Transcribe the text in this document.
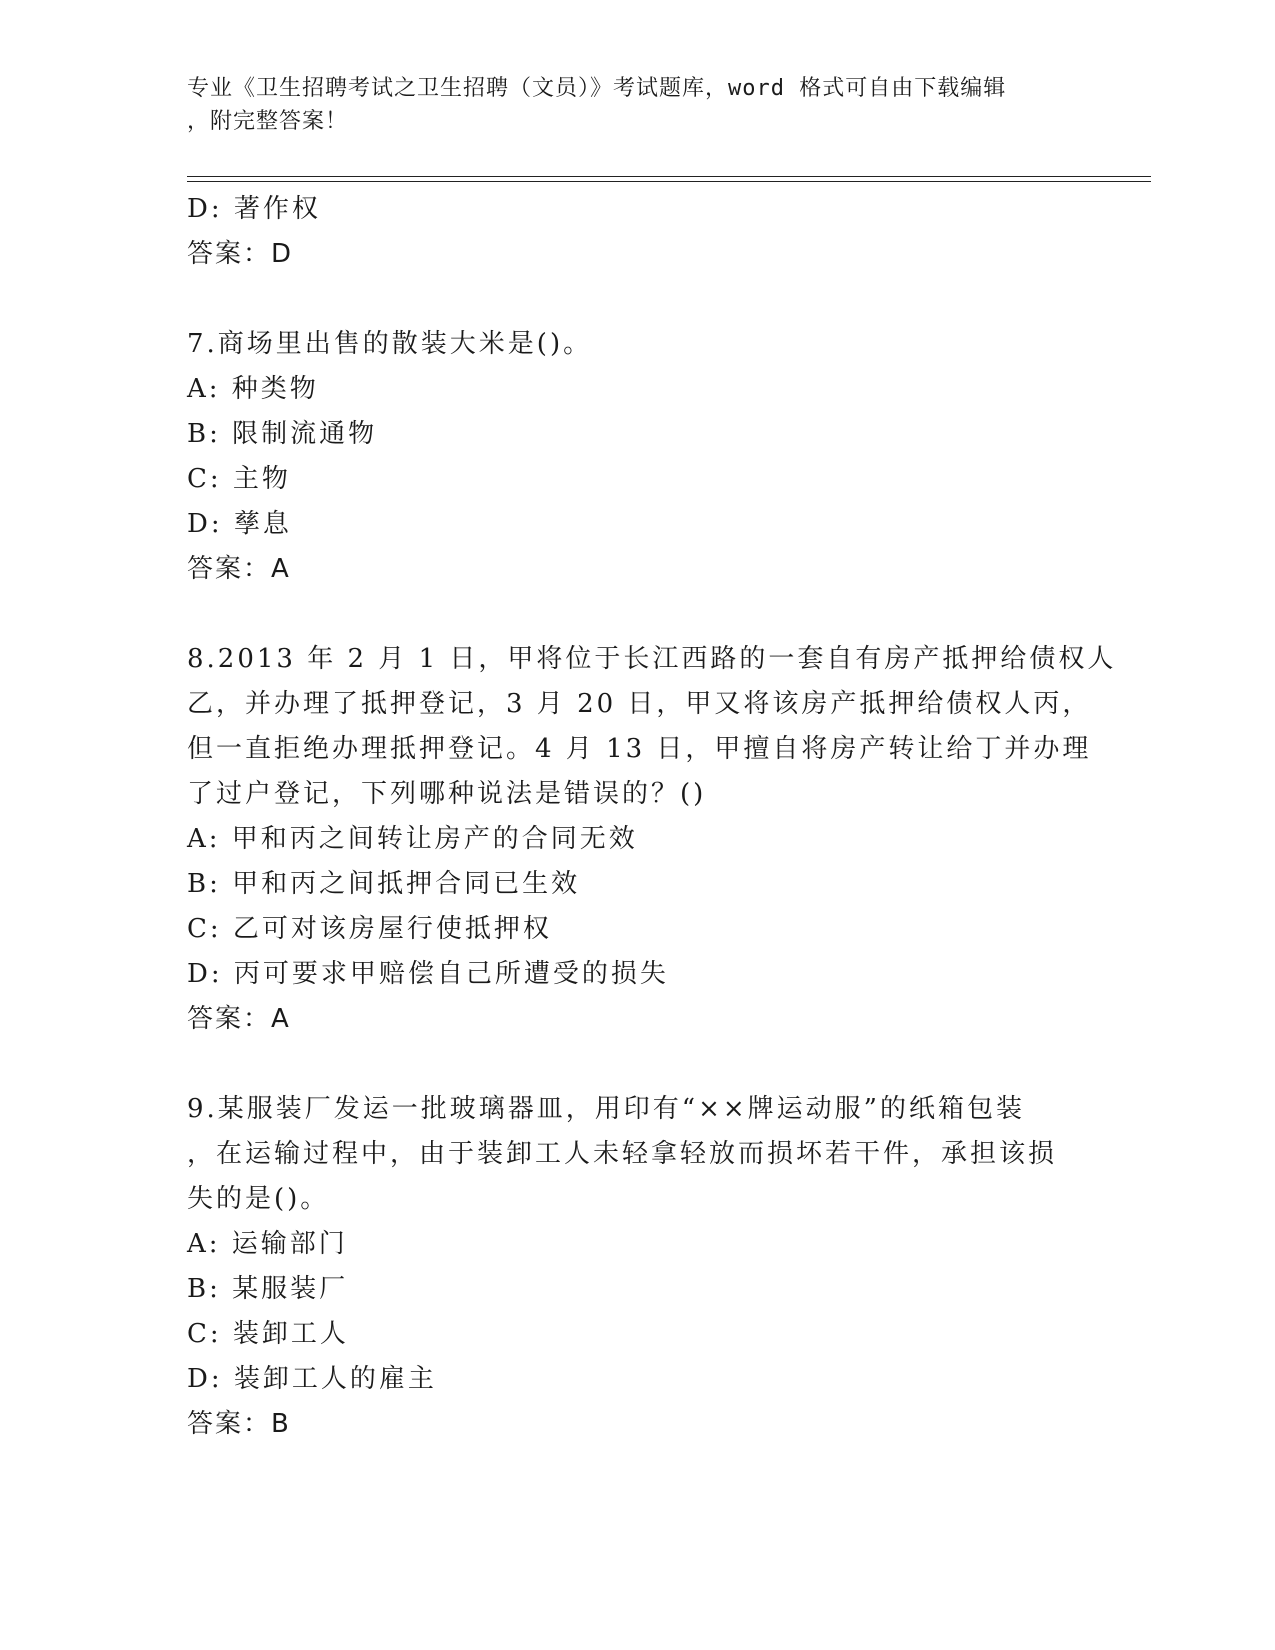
专业《卫生招聘考试之卫生招聘（文员）》考试题库，word 格式可自由下载编辑

，附完整答案！

D: 著作权

答案：D

7.商场里出售的散装大米是()。

A: 种类物

B: 限制流通物

C: 主物

D: 孳息

答案：A

8.2013 年 2 月 1 日，甲将位于长江西路的一套自有房产抵押给债权人

乙，并办理了抵押登记，3 月 20 日，甲又将该房产抵押给债权人丙，

但一直拒绝办理抵押登记。4 月 13 日，甲擅自将房产转让给丁并办理

了过户登记，下列哪种说法是错误的？()

A: 甲和丙之间转让房产的合同无效

B: 甲和丙之间抵押合同已生效

C: 乙可对该房屋行使抵押权

D: 丙可要求甲赔偿自己所遭受的损失

答案：A

9.某服装厂发运一批玻璃器皿，用印有“××牌运动服”的纸箱包装

，在运输过程中，由于装卸工人未轻拿轻放而损坏若干件，承担该损

失的是()。

A: 运输部门

B: 某服装厂

C: 装卸工人

D: 装卸工人的雇主

答案：B
